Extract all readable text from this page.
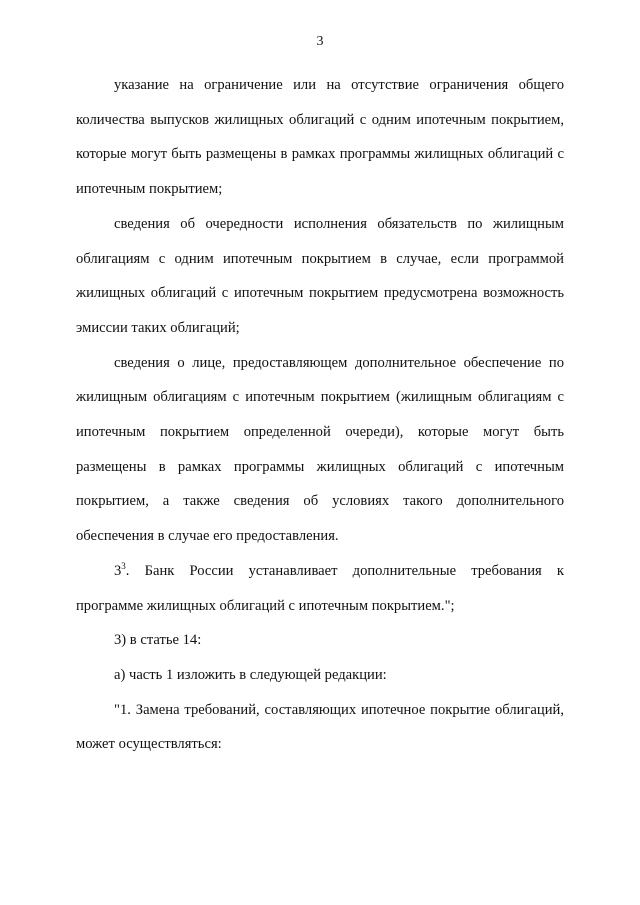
3

указание на ограничение или на отсутствие ограничения общего количества выпусков жилищных облигаций с одним ипотечным покрытием, которые могут быть размещены в рамках программы жилищных облигаций с ипотечным покрытием;

сведения об очередности исполнения обязательств по жилищным облигациям с одним ипотечным покрытием в случае, если программой жилищных облигаций с ипотечным покрытием предусмотрена возможность эмиссии таких облигаций;

сведения о лице, предоставляющем дополнительное обеспечение по жилищным облигациям с ипотечным покрытием (жилищным облигациям с ипотечным покрытием определенной очереди), которые могут быть размещены в рамках программы жилищных облигаций с ипотечным покрытием, а также сведения об условиях такого дополнительного обеспечения в случае его предоставления.

$3^3$. Банк России устанавливает дополнительные требования к программе жилищных облигаций с ипотечным покрытием.";

3) в статье 14:

а) часть 1 изложить в следующей редакции:

"1. Замена требований, составляющих ипотечное покрытие облигаций, может осуществляться:
